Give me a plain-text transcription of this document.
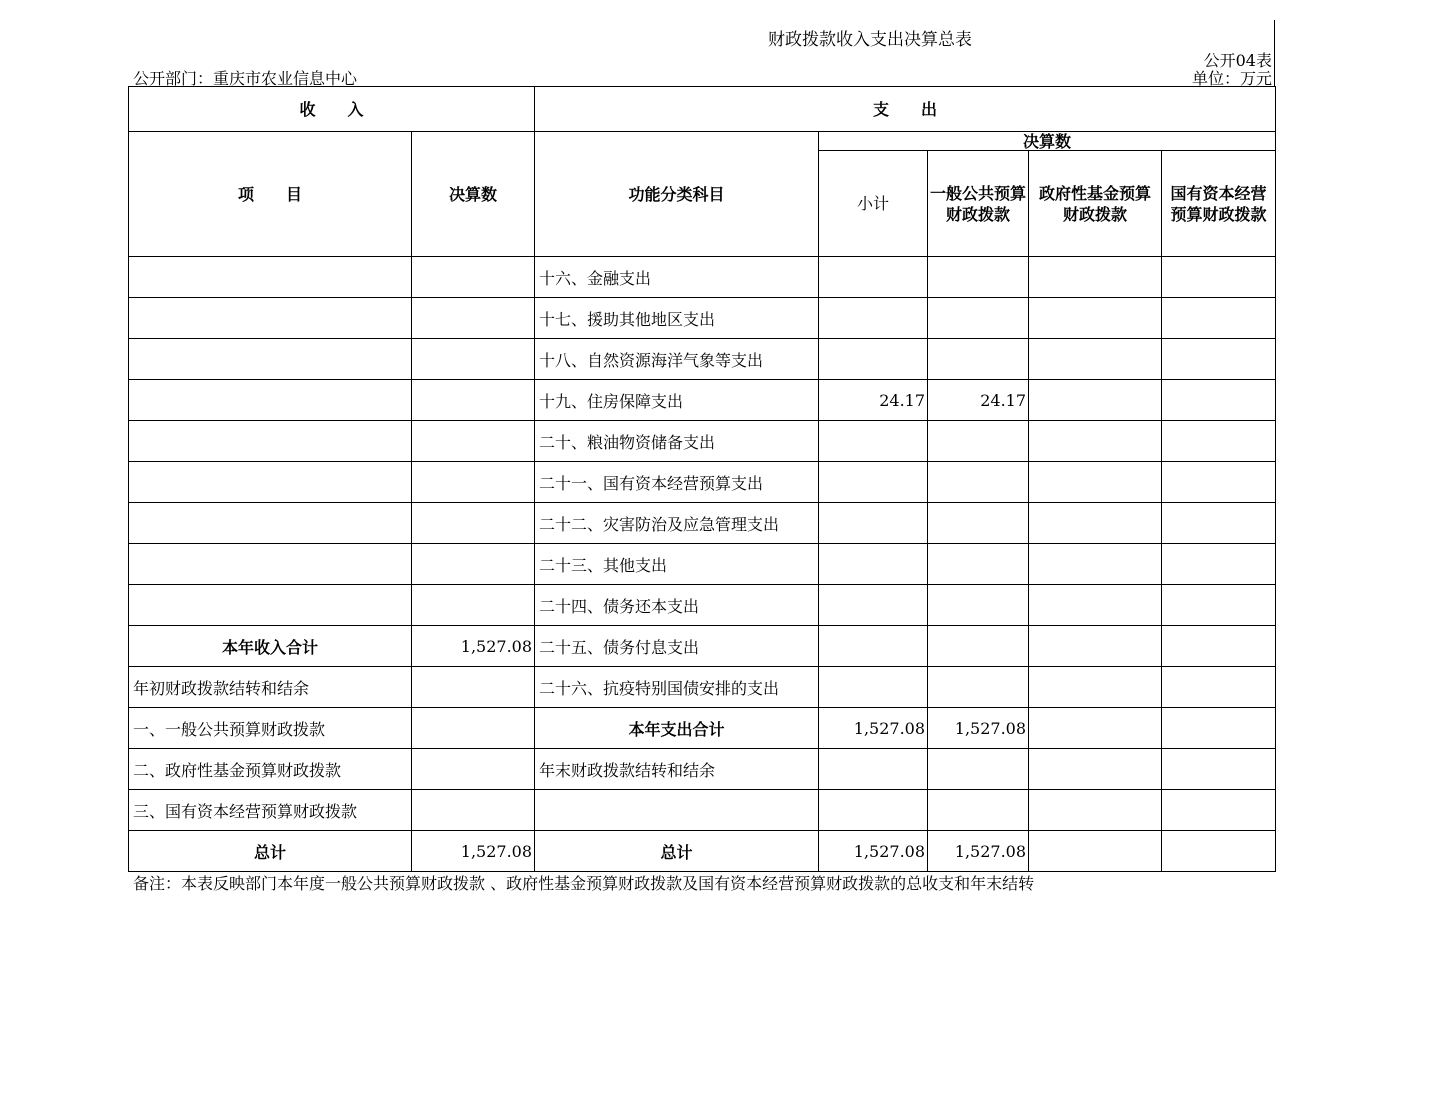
财政拨款收入支出决算总表
公开04表
单位：万元
公开部门：重庆市农业信息中心
收　　入		支　　出				
项　　目	决算数	功能分类科目	决算数			
			小计	一般公共预算财政拨款	政府性基金预算财政拨款	国有资本经营预算财政拨款
		十六、金融支出				
		十七、援助其他地区支出				
		十八、自然资源海洋气象等支出				
		十九、住房保障支出	24.17	24.17		
		二十、粮油物资储备支出				
		二十一、国有资本经营预算支出				
		二十二、灾害防治及应急管理支出				
		二十三、其他支出				
		二十四、债务还本支出				
本年收入合计	1,527.08	二十五、债务付息支出				
年初财政拨款结转和结余		二十六、抗疫特别国债安排的支出				
一、一般公共预算财政拨款		本年支出合计	1,527.08	1,527.08		
二、政府性基金预算财政拨款		年末财政拨款结转和结余				
三、国有资本经营预算财政拨款						
总计	1,527.08	总计	1,527.08	1,527.08		
备注：本表反映部门本年度一般公共预算财政拨款 、政府性基金预算财政拨款及国有资本经营预算财政拨款的总收支和年末结转
